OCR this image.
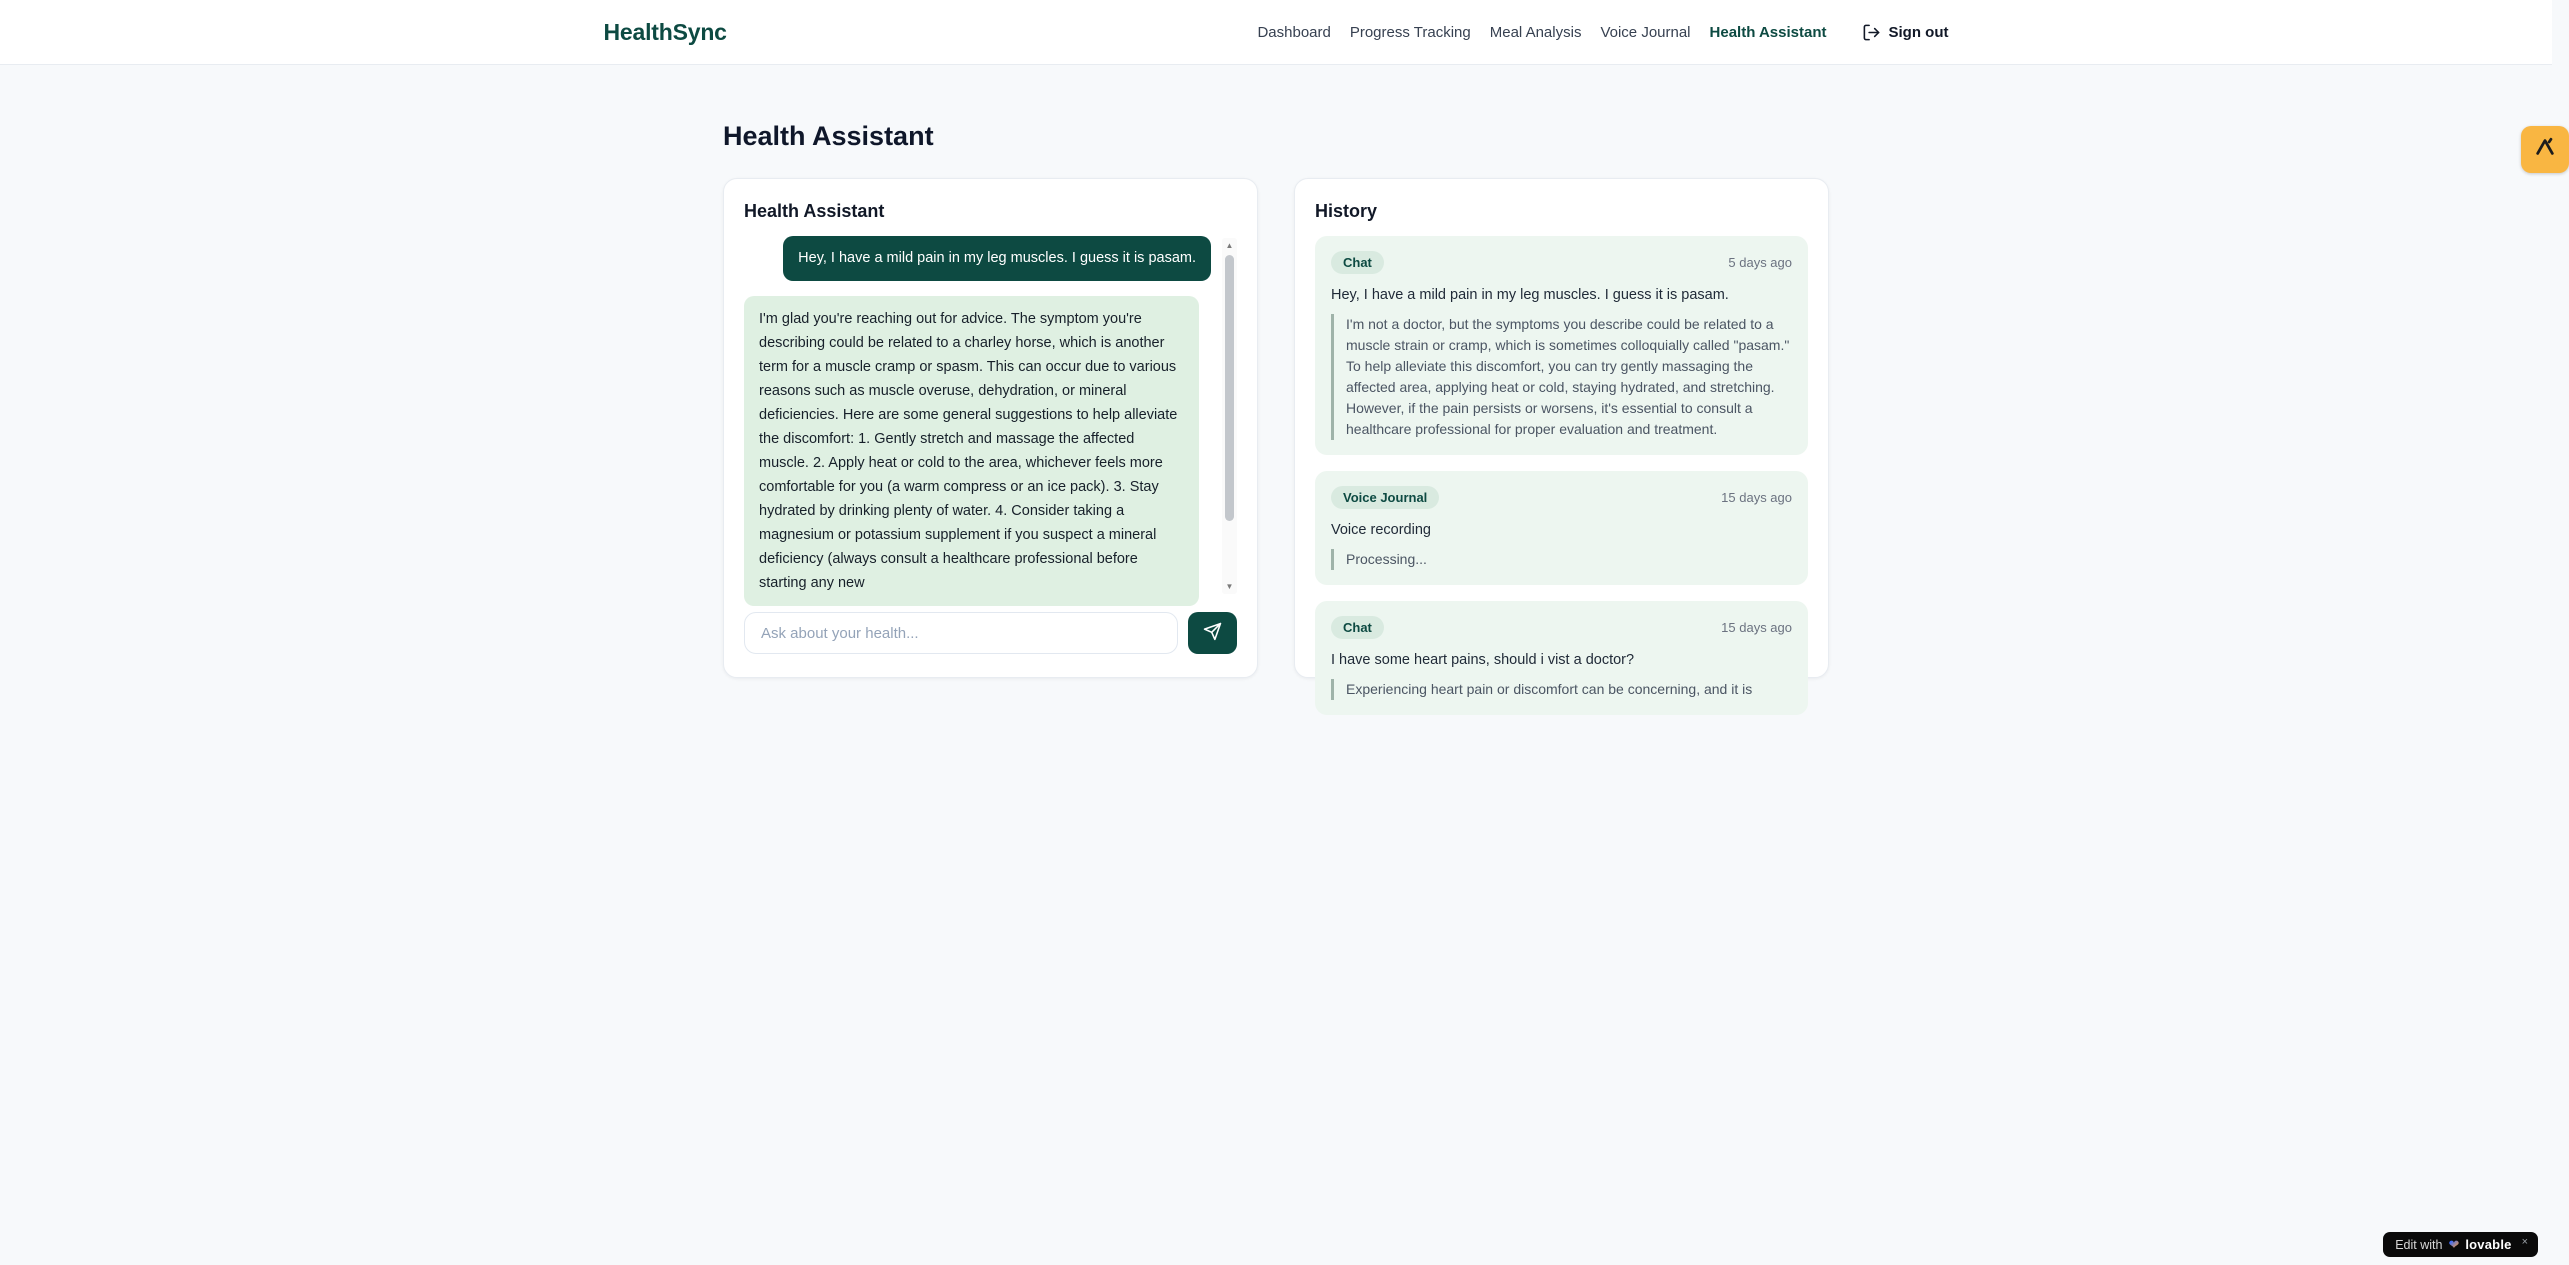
HealthSync	Dashboard Progress Tracking Meal Analysis Voice Journal Health Assistant	Sign out
Health Assistant
Health Assistant
Hey, I have a mild pain in my leg muscles. I guess it is pasam.
I'm glad you're reaching out for advice. The symptom you're describing could be related to a charley horse, which is another term for a muscle cramp or spasm. This can occur due to various reasons such as muscle overuse, dehydration, or mineral deficiencies. Here are some general suggestions to help alleviate the discomfort: 1. Gently stretch and massage the affected muscle. 2. Apply heat or cold to the area, whichever feels more comfortable for you (a warm compress or an ice pack). 3. Stay hydrated by drinking plenty of water. 4. Consider taking a magnesium or potassium supplement if you suspect a mineral deficiency (always consult a healthcare professional before starting any new
▲
▼
Ask about your health...
History
Chat	5 days ago
Hey, I have a mild pain in my leg muscles. I guess it is pasam.
I'm not a doctor, but the symptoms you describe could be related to a muscle strain or cramp, which is sometimes colloquially called "pasam." To help alleviate this discomfort, you can try gently massaging the affected area, applying heat or cold, staying hydrated, and stretching. However, if the pain persists or worsens, it's essential to consult a healthcare professional for proper evaluation and treatment.
Voice Journal	15 days ago
Voice recording
Processing...
Chat	15 days ago
I have some heart pains, should i vist a doctor?
Experiencing heart pain or discomfort can be concerning, and it is
Edit with ❤ lovable ×
